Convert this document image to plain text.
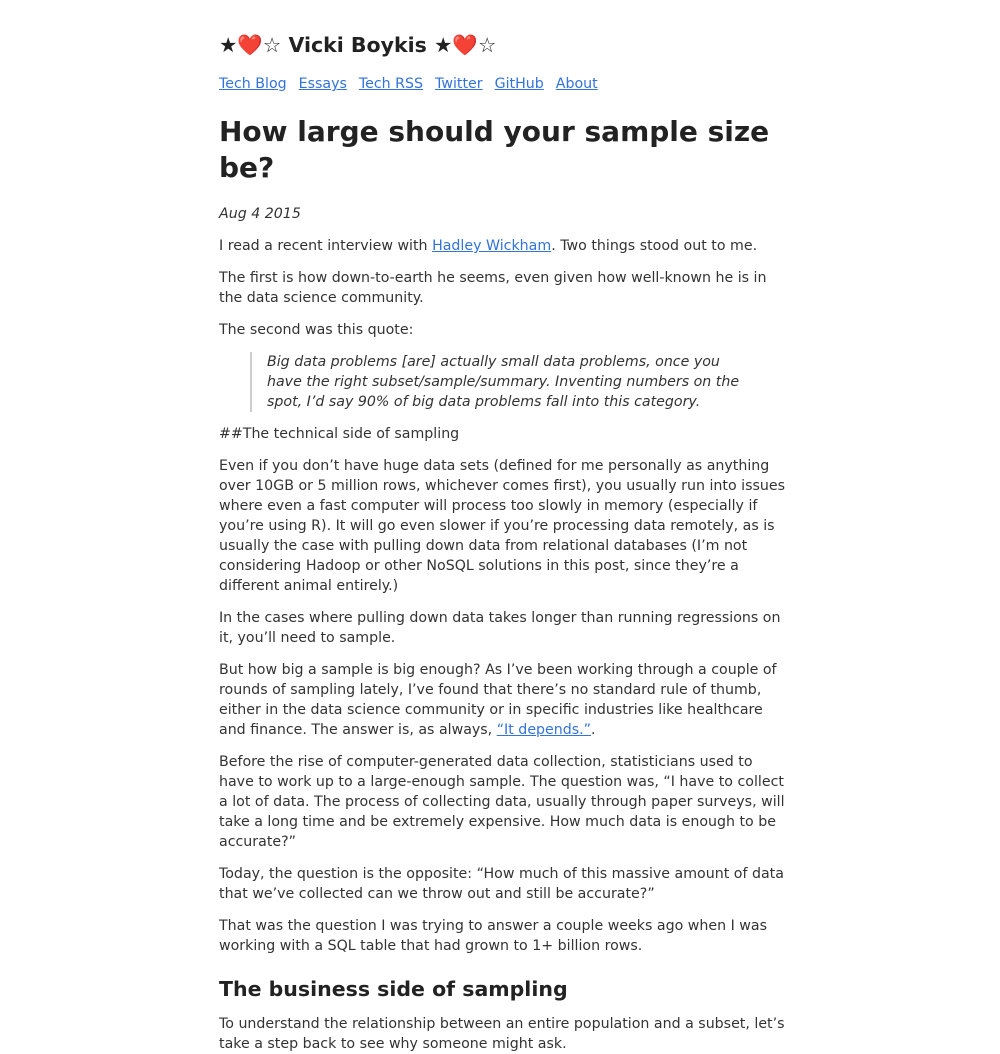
★❤️☆ Vicki Boykis ★❤️☆
Tech Blog Essays Tech RSS Twitter GitHub About
How large should your sample size be?

Aug 4 2015

I read a recent interview with Hadley Wickham. Two things stood out to me.

The first is how down-to-earth he seems, even given how well-known he is in the data science community.

The second was this quote:

Big data problems [are] actually small data problems, once you have the right subset/sample/summary. Inventing numbers on the spot, I’d say 90% of big data problems fall into this category.

##The technical side of sampling

Even if you don’t have huge data sets (defined for me personally as anything over 10GB or 5 million rows, whichever comes first), you usually run into issues where even a fast computer will process too slowly in memory (especially if you’re using R). It will go even slower if you’re processing data remotely, as is usually the case with pulling down data from relational databases (I’m not considering Hadoop or other NoSQL solutions in this post, since they’re a different animal entirely.)

In the cases where pulling down data takes longer than running regressions on it, you’ll need to sample.

But how big a sample is big enough? As I’ve been working through a couple of rounds of sampling lately, I’ve found that there’s no standard rule of thumb, either in the data science community or in specific industries like healthcare and finance. The answer is, as always, “It depends.”.

Before the rise of computer-generated data collection, statisticians used to have to work up to a large-enough sample. The question was, “I have to collect a lot of data. The process of collecting data, usually through paper surveys, will take a long time and be extremely expensive. How much data is enough to be accurate?”

Today, the question is the opposite: “How much of this massive amount of data that we’ve collected can we throw out and still be accurate?”

That was the question I was trying to answer a couple weeks ago when I was working with a SQL table that had grown to 1+ billion rows.

The business side of sampling

To understand the relationship between an entire population and a subset, let’s take a step back to see why someone might ask.
